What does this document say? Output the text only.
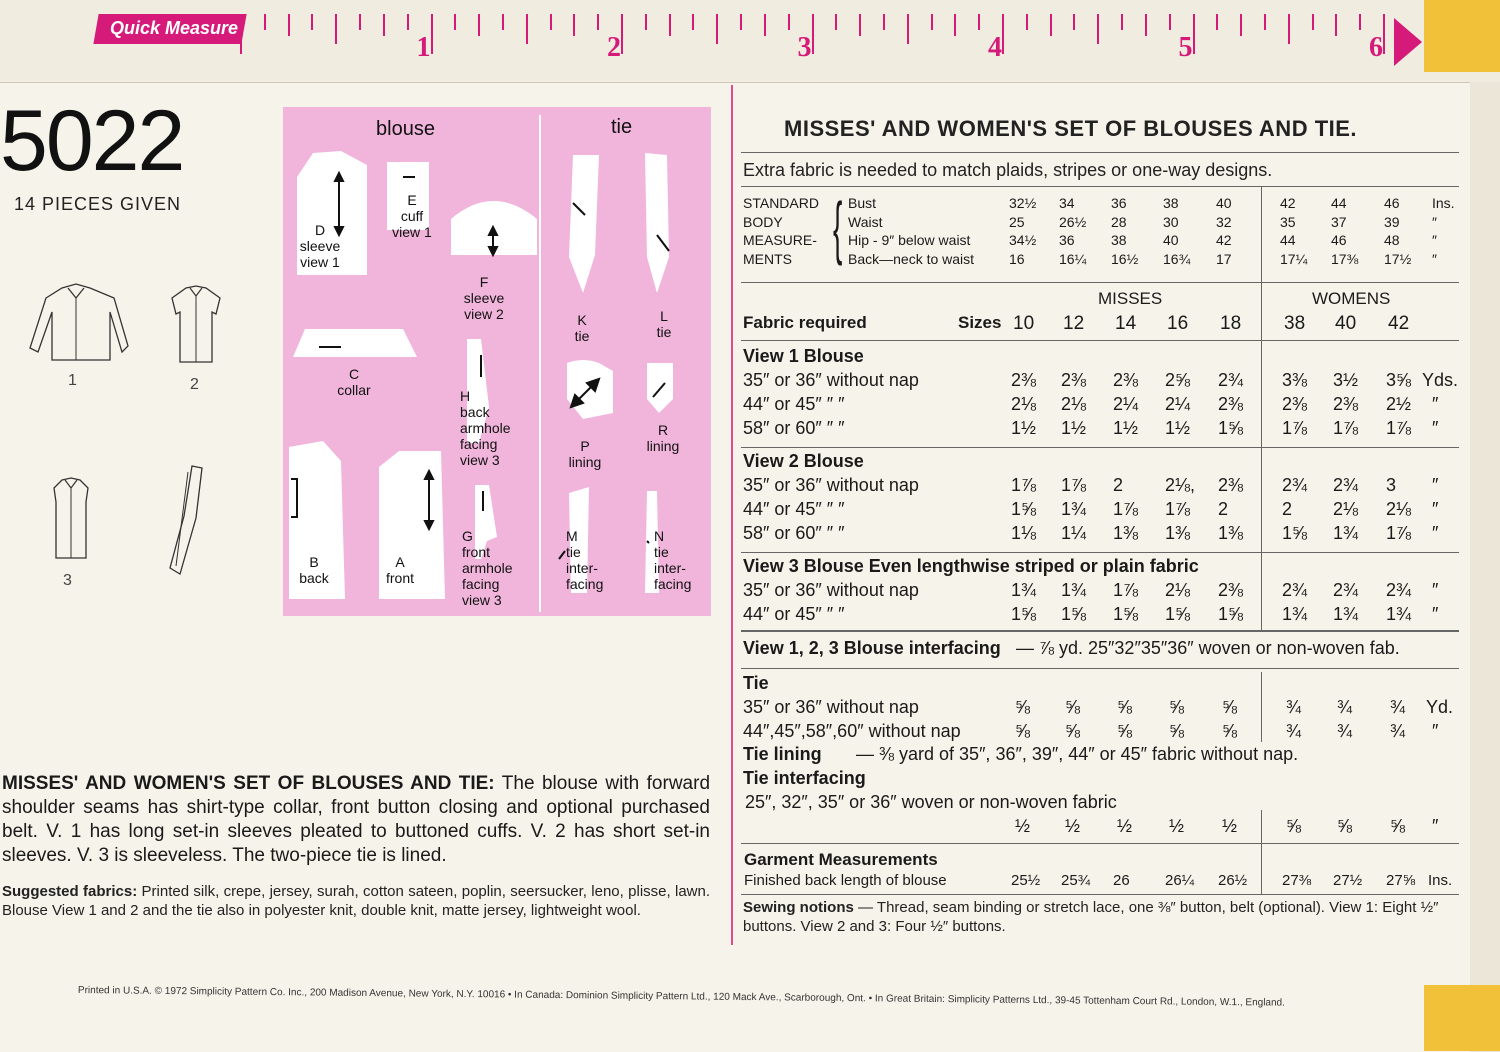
Quick Measure
1	2	3	4	5	6
5022
14 PIECES GIVEN
1	2
3
blouse	tie
D
sleeve
view 1
E
cuff
view 1
F
sleeve
view 2
C
collar	H
back
armhole
facing
view 3
B
back
A
front
G
front
armhole
facing
view 3
K
tie
L
tie
P
lining
R
lining
M
tie
inter-
facing
N
tie
inter-
facing
MISSES' AND WOMEN'S SET OF BLOUSES AND TIE: The blouse with forward shoulder seams has shirt-type collar, front button closing and optional purchased belt. V. 1 has long set-in sleeves pleated to buttoned cuffs. V. 2 has short set-in sleeves. V. 3 is sleeveless. The two-piece tie is lined.
Suggested fabrics: Printed silk, crepe, jersey, surah, cotton sateen, poplin, seersucker, leno, plisse, lawn. Blouse View 1 and 2 and the tie also in polyester knit, double knit, matte jersey, lightweight wool.
Printed in U.S.A. © 1972 Simplicity Pattern Co. Inc., 200 Madison Avenue, New York, N.Y. 10016 • In Canada: Dominion Simplicity Pattern Ltd., 120 Mack Ave., Scarborough, Ont. • In Great Britain: Simplicity Patterns Ltd., 39-45 Tottenham Court Rd., London, W.1., England.
MISSES' AND WOMEN'S SET OF BLOUSES AND TIE.
Extra fabric is needed to match plaids, stripes or one-way designs.
STANDARD
BODY
MEASURE-
MENTS { Bust	32½ 34	36	38	40	42	44	46 Ins.
Waist	25 26½ 28	30	32	35	37	39 ″
Hip - 9″ below waist	34½ 36	38	40	42	44	46	48 ″
Back—neck to waist 16 16¼ 16½ 16¾ 17	17¼ 17⅜ 17½ ″
MISSES	WOMENS
Fabric required	Sizes 10 12 14 16 18 38 40 42
View 1 Blouse
35″ or 36″ without nap	2⅜ 2⅜ 2⅜ 2⅝ 2¾ 3⅜ 3½ 3⅝ Yds.
44″ or 45″ ″ ″	2⅛ 2⅛ 2¼ 2¼ 2⅜ 2⅜ 2⅜ 2½ ″
58″ or 60″ ″ ″	1½ 1½ 1½ 1½ 1⅝ 1⅞ 1⅞ 1⅞ ″
View 2 Blouse
35″ or 36″ without nap	1⅞ 1⅞ 2 2⅛, 2⅜ 2¾ 2¾ 3 ″
44″ or 45″ ″ ″	1⅝ 1¾ 1⅞ 1⅞ 2	2 2⅛ 2⅛ ″
58″ or 60″ ″ ″	1⅛ 1¼ 1⅜ 1⅜ 1⅜ 1⅝ 1¾ 1⅞ ″
View 3 Blouse Even lengthwise striped or plain fabric
35″ or 36″ without nap	1¾ 1¾ 1⅞ 2⅛ 2⅜ 2¾ 2¾ 2¾ ″
44″ or 45″ ″ ″	1⅝ 1⅝ 1⅝ 1⅝ 1⅝ 1¾ 1¾ 1¾ ″
View 1, 2, 3 Blouse interfacing — ⅞ yd. 25″32″35″36″ woven or non-woven fab.
Tie
35″ or 36″ without nap	⅝ ⅝ ⅝ ⅝ ⅝	¾ ¾ ¾ Yd.
44″,45″,58″,60″ without nap	⅝ ⅝ ⅝ ⅝ ⅝	¾ ¾ ¾ ″
Tie lining — ⅜ yard of 35″, 36″, 39″, 44″ or 45″ fabric without nap.
Tie interfacing
25″, 32″, 35″ or 36″ woven or non-woven fabric
½ ½ ½ ½ ½	⅝ ⅝ ⅝ ″
Garment Measurements
Finished back length of blouse	25½ 25¾ 26 26¼ 26½ 27⅜ 27½ 27⅝ Ins.
Sewing notions — Thread, seam binding or stretch lace, one ⅜″ button, belt (optional). View 1: Eight ½″ buttons. View 2 and 3: Four ½″ buttons.
